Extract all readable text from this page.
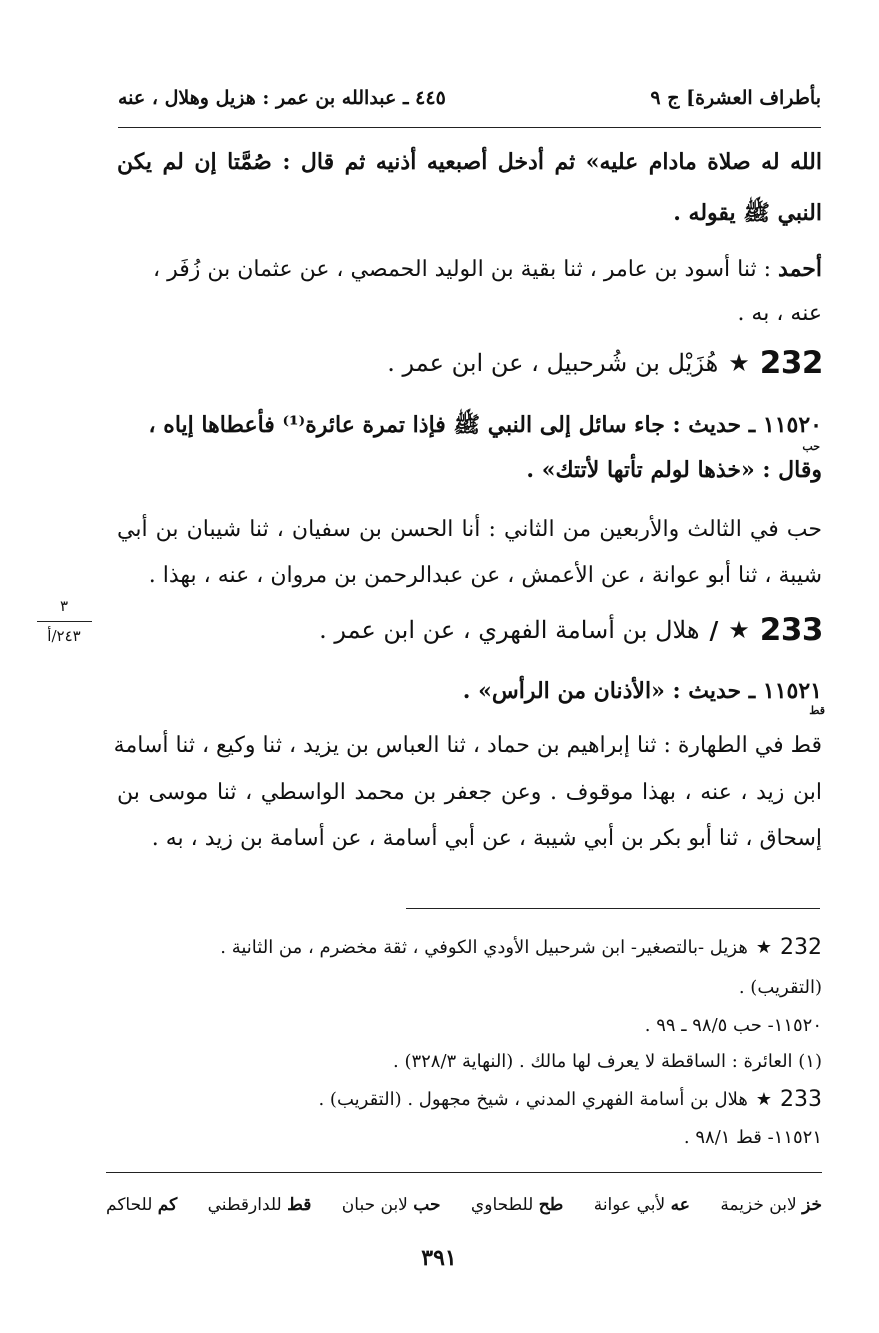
بأطراف العشرة] ج ٩
٤٤٥ ـ عبدالله بن عمر : هزيل وهلال ، عنه
الله له صلاة مادام عليه» ثم أدخل أصبعيه أذنيه ثم قال : صُمَّتا إن لم يكن
النبي ﷺ يقوله .
أحمد : ثنا أسود بن عامر ، ثنا بقية بن الوليد الحمصي ، عن عثمان بن زُفَر ،
عنه ، به .
232
★
هُزَيْل بن شُرحبيل ، عن ابن عمر .
١١٥٢٠ ـ حديث : جاء سائل إلى النبي ﷺ فإذا تمرة عائرة⁽¹⁾ فأعطاها إياه ،
حب
وقال : «خذها لولم تأتها لأتتك» .
حب في الثالث والأربعين من الثاني : أنا الحسن بن سفيان ، ثنا شيبان بن أبي
شيبة ، ثنا أبو عوانة ، عن الأعمش ، عن عبدالرحمن بن مروان ، عنه ، بهذا .
٣
٢٤٣/أ	233
★
/
هلال بن أسامة الفهري ، عن ابن عمر .
١١٥٢١ ـ حديث : «الأذنان من الرأس» .
قط
قط في الطهارة : ثنا إبراهيم بن حماد ، ثنا العباس بن يزيد ، ثنا وكيع ، ثنا أسامة
ابن زيد ، عنه ، بهذا موقوف . وعن جعفر بن محمد الواسطي ، ثنا موسى بن
إسحاق ، ثنا أبو بكر بن أبي شيبة ، عن أبي أسامة ، عن أسامة بن زيد ، به .
232
★
هزيل -بالتصغير- ابن شرحبيل الأودي الكوفي ، ثقة مخضرم ، من الثانية .
(التقريب) .
١١٥٢٠- حب ٩٨/٥ ـ ٩٩ .
(١) العائرة : الساقطة لا يعرف لها مالك . (النهاية ٣٢٨/٣) .
233
★
هلال بن أسامة الفهري المدني ، شيخ مجهول . (التقريب) .
١١٥٢١- قط ٩٨/١ .
خز لابن خزيمة
عه لأبي عوانة
طح للطحاوي
حب لابن حبان
قط للدارقطني
كم للحاكم
٣٩١
